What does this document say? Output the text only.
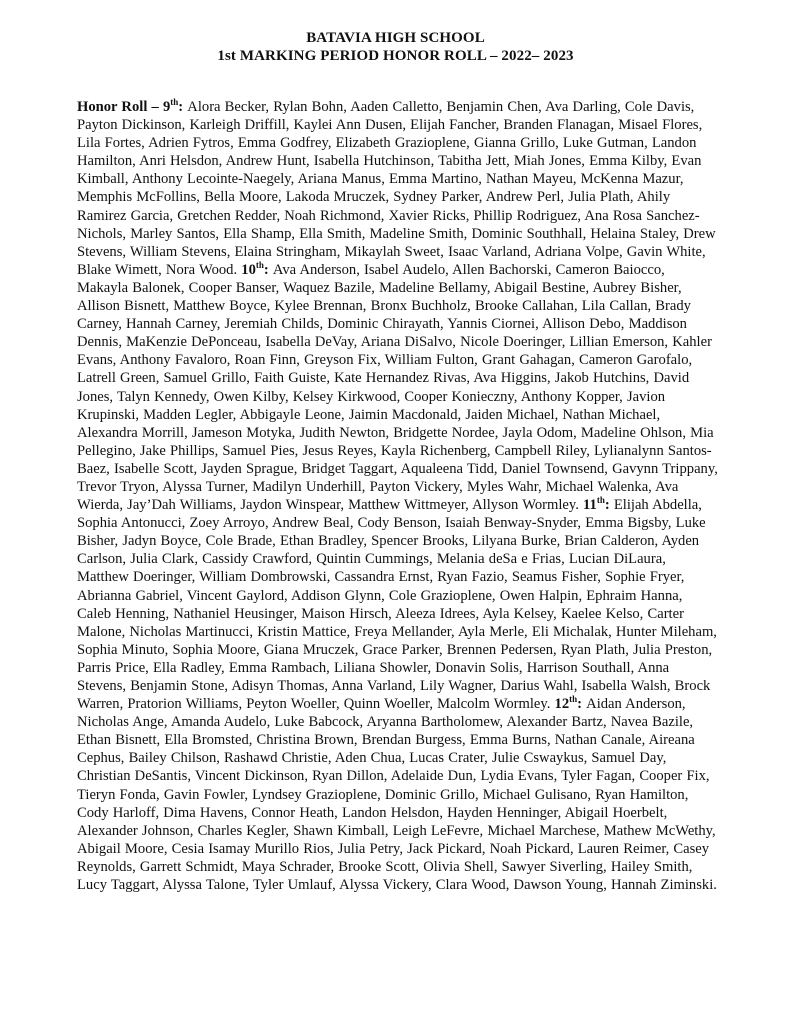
BATAVIA HIGH SCHOOL
1st MARKING PERIOD HONOR ROLL – 2022– 2023
Honor Roll – 9th: Alora Becker, Rylan Bohn, Aaden Calletto, Benjamin Chen, Ava Darling, Cole Davis, Payton Dickinson, Karleigh Driffill, Kaylei Ann Dusen, Elijah Fancher, Branden Flanagan, Misael Flores, Lila Fortes, Adrien Fytros, Emma Godfrey, Elizabeth Grazioplene, Gianna Grillo, Luke Gutman, Landon Hamilton, Anri Helsdon, Andrew Hunt, Isabella Hutchinson, Tabitha Jett, Miah Jones, Emma Kilby, Evan Kimball, Anthony Lecointe-Naegely, Ariana Manus, Emma Martino, Nathan Mayeu, McKenna Mazur, Memphis McFollins, Bella Moore, Lakoda Mruczek, Sydney Parker, Andrew Perl, Julia Plath, Ahily Ramirez Garcia, Gretchen Redder, Noah Richmond, Xavier Ricks, Phillip Rodriguez, Ana Rosa Sanchez-Nichols, Marley Santos, Ella Shamp, Ella Smith, Madeline Smith, Dominic Southhall, Helaina Staley, Drew Stevens, William Stevens, Elaina Stringham, Mikaylah Sweet, Isaac Varland, Adriana Volpe, Gavin White, Blake Wimett, Nora Wood. 10th: Ava Anderson, Isabel Audelo, Allen Bachorski, Cameron Baiocco, Makayla Balonek, Cooper Banser, Waquez Bazile, Madeline Bellamy, Abigail Bestine, Aubrey Bisher, Allison Bisnett, Matthew Boyce, Kylee Brennan, Bronx Buchholz, Brooke Callahan, Lila Callan, Brady Carney, Hannah Carney, Jeremiah Childs, Dominic Chirayath, Yannis Ciornei, Allison Debo, Maddison Dennis, MaKenzie DePonceau, Isabella DeVay, Ariana DiSalvo, Nicole Doeringer, Lillian Emerson, Kahler Evans, Anthony Favaloro, Roan Finn, Greyson Fix, William Fulton, Grant Gahagan, Cameron Garofalo, Latrell Green, Samuel Grillo, Faith Guiste, Kate Hernandez Rivas, Ava Higgins, Jakob Hutchins, David Jones, Talyn Kennedy, Owen Kilby, Kelsey Kirkwood, Cooper Konieczny, Anthony Kopper, Javion Krupinski, Madden Legler, Abbigayle Leone, Jaimin Macdonald, Jaiden Michael, Nathan Michael, Alexandra Morrill, Jameson Motyka, Judith Newton, Bridgette Nordee, Jayla Odom, Madeline Ohlson, Mia Pellegino, Jake Phillips, Samuel Pies, Jesus Reyes, Kayla Richenberg, Campbell Riley, Lylianalynn Santos-Baez, Isabelle Scott, Jayden Sprague, Bridget Taggart, Aqualeena Tidd, Daniel Townsend, Gavynn Trippany, Trevor Tryon, Alyssa Turner, Madilyn Underhill, Payton Vickery, Myles Wahr, Michael Walenka, Ava Wierda, Jay’Dah Williams, Jaydon Winspear, Matthew Wittmeyer, Allyson Wormley. 11th: Elijah Abdella, Sophia Antonucci, Zoey Arroyo, Andrew Beal, Cody Benson, Isaiah Benway-Snyder, Emma Bigsby, Luke Bisher, Jadyn Boyce, Cole Brade, Ethan Bradley, Spencer Brooks, Lilyana Burke, Brian Calderon, Ayden Carlson, Julia Clark, Cassidy Crawford, Quintin Cummings, Melania deSa e Frias, Lucian DiLaura, Matthew Doeringer, William Dombrowski, Cassandra Ernst, Ryan Fazio, Seamus Fisher, Sophie Fryer, Abrianna Gabriel, Vincent Gaylord, Addison Glynn, Cole Grazioplene, Owen Halpin, Ephraim Hanna, Caleb Henning, Nathaniel Heusinger, Maison Hirsch, Aleeza Idrees, Ayla Kelsey, Kaelee Kelso, Carter Malone, Nicholas Martinucci, Kristin Mattice, Freya Mellander, Ayla Merle, Eli Michalak, Hunter Mileham, Sophia Minuto, Sophia Moore, Giana Mruczek, Grace Parker, Brennen Pedersen, Ryan Plath, Julia Preston, Parris Price, Ella Radley, Emma Rambach, Liliana Showler, Donavin Solis, Harrison Southall, Anna Stevens, Benjamin Stone, Adisyn Thomas, Anna Varland, Lily Wagner, Darius Wahl, Isabella Walsh, Brock Warren, Pratorion Williams, Peyton Woeller, Quinn Woeller, Malcolm Wormley. 12th: Aidan Anderson, Nicholas Ange, Amanda Audelo, Luke Babcock, Aryanna Bartholomew, Alexander Bartz, Navea Bazile, Ethan Bisnett, Ella Bromsted, Christina Brown, Brendan Burgess, Emma Burns, Nathan Canale, Aireana Cephus, Bailey Chilson, Rashawd Christie, Aden Chua, Lucas Crater, Julie Cswaykus, Samuel Day, Christian DeSantis, Vincent Dickinson, Ryan Dillon, Adelaide Dun, Lydia Evans, Tyler Fagan, Cooper Fix, Tieryn Fonda, Gavin Fowler, Lyndsey Grazioplene, Dominic Grillo, Michael Gulisano, Ryan Hamilton, Cody Harloff, Dima Havens, Connor Heath, Landon Helsdon, Hayden Henninger, Abigail Hoerbelt, Alexander Johnson, Charles Kegler, Shawn Kimball, Leigh LeFevre, Michael Marchese, Mathew McWethy, Abigail Moore, Cesia Isamay Murillo Rios, Julia Petry, Jack Pickard, Noah Pickard, Lauren Reimer, Casey Reynolds, Garrett Schmidt, Maya Schrader, Brooke Scott, Olivia Shell, Sawyer Siverling, Hailey Smith, Lucy Taggart, Alyssa Talone, Tyler Umlauf, Alyssa Vickery, Clara Wood, Dawson Young, Hannah Ziminski.
